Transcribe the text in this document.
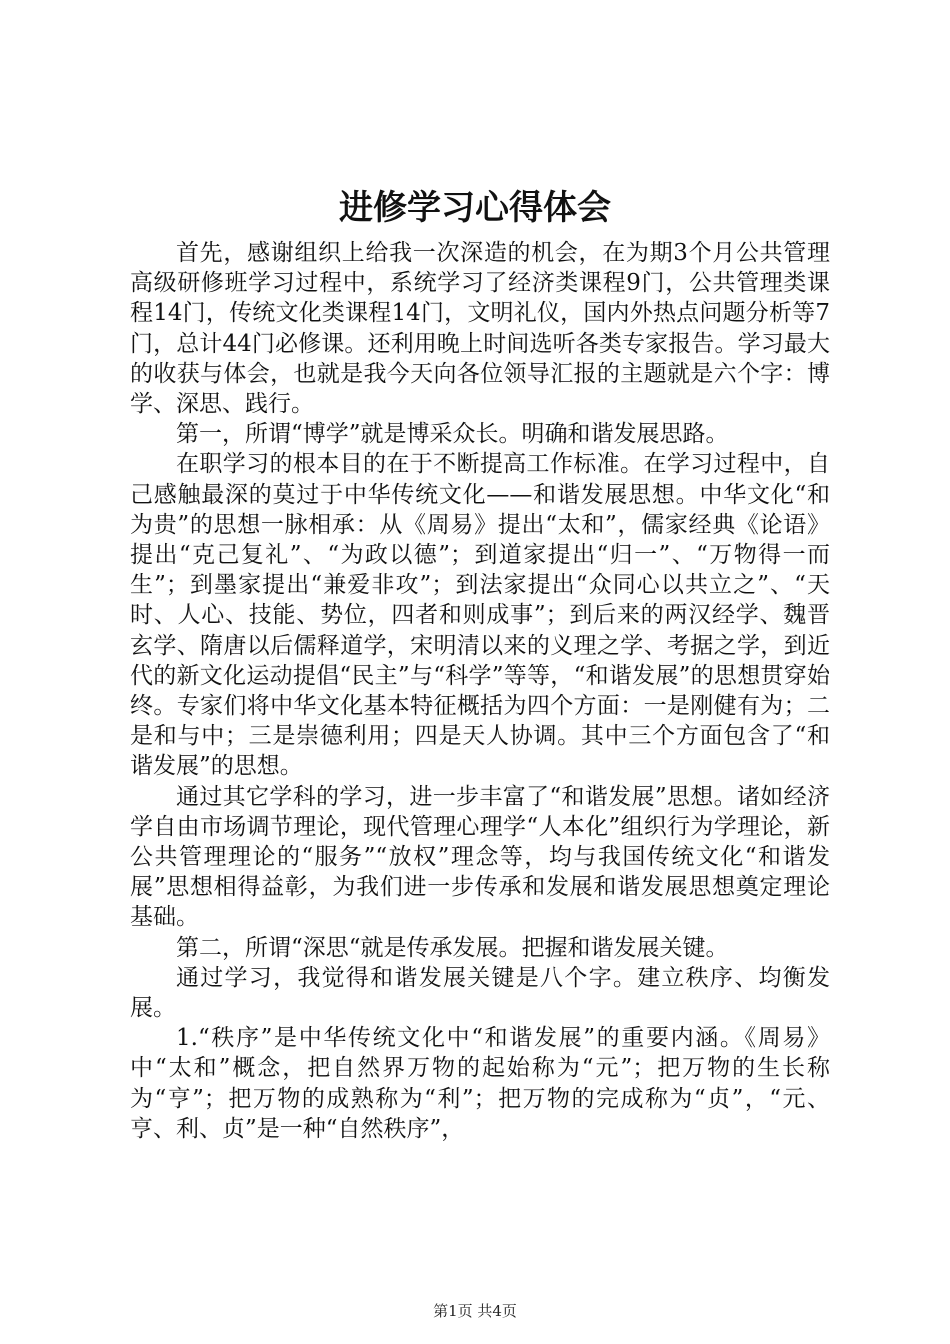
进修学习心得体会

首先，感谢组织上给我一次深造的机会，在为期3个月公共管理高级研修班学习过程中，系统学习了经济类课程9门，公共管理类课程14门，传统文化类课程14门，文明礼仪，国内外热点问题分析等7门，总计44门必修课。还利用晚上时间选听各类专家报告。学习最大的收获与体会，也就是我今天向各位领导汇报的主题就是六个字：博学、深思、践行。

第一，所谓“博学”就是博采众长。明确和谐发展思路。

在职学习的根本目的在于不断提高工作标准。在学习过程中，自己感触最深的莫过于中华传统文化——和谐发展思想。中华文化“和为贵”的思想一脉相承：从《周易》提出“太和”，儒家经典《论语》提出“克己复礼”、“为政以德”；到道家提出“归一”、“万物得一而生”；到墨家提出“兼爱非攻”；到法家提出“众同心以共立之”、“天时、人心、技能、势位，四者和则成事”；到后来的两汉经学、魏晋玄学、隋唐以后儒释道学，宋明清以来的义理之学、考据之学，到近代的新文化运动提倡“民主”与“科学”等等，“和谐发展”的思想贯穿始终。专家们将中华文化基本特征概括为四个方面：一是刚健有为；二是和与中；三是崇德利用；四是天人协调。其中三个方面包含了“和谐发展”的思想。

通过其它学科的学习，进一步丰富了“和谐发展”思想。诸如经济学自由市场调节理论，现代管理心理学“人本化”组织行为学理论，新公共管理理论的“服务”“放权”理念等，均与我国传统文化“和谐发展”思想相得益彰，为我们进一步传承和发展和谐发展思想奠定理论基础。

第二，所谓“深思“就是传承发展。把握和谐发展关键。

通过学习，我觉得和谐发展关键是八个字。建立秩序、均衡发展。

1.“秩序”是中华传统文化中“和谐发展”的重要内涵。《周易》中“太和”概念，把自然界万物的起始称为“元”；把万物的生长称为“亨”；把万物的成熟称为“利”；把万物的完成称为“贞”，“元、亨、利、贞”是一种“自然秩序”，

第1页 共4页
